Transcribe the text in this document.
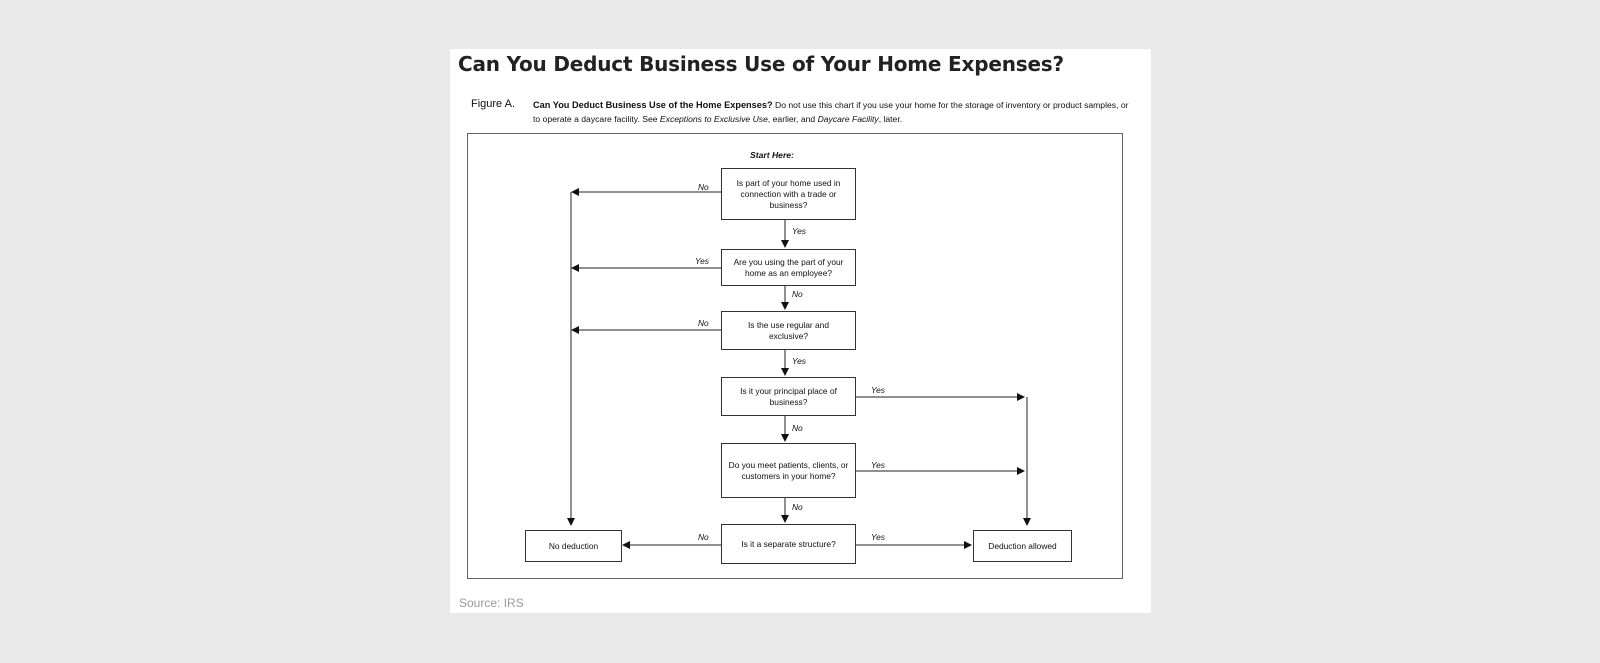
Can You Deduct Business Use of Your Home Expenses?
Figure A. Can You Deduct Business Use of the Home Expenses? Do not use this chart if you use your home for the storage of inventory or product samples, or to operate a daycare facility. See Exceptions to Exclusive Use, earlier, and Daycare Facility, later.
Start Here:
Is part of your home used in connection with a trade or business?
Are you using the part of your home as an employee?
Is the use regular and exclusive?
Is it your principal place of business?
Do you meet patients, clients, or customers in your home?
Is it a separate structure?
No deduction	Deduction allowed
No
Yes
Yes
No
No
Yes
Yes
No
Yes
No
No	Yes
Source: IRS
